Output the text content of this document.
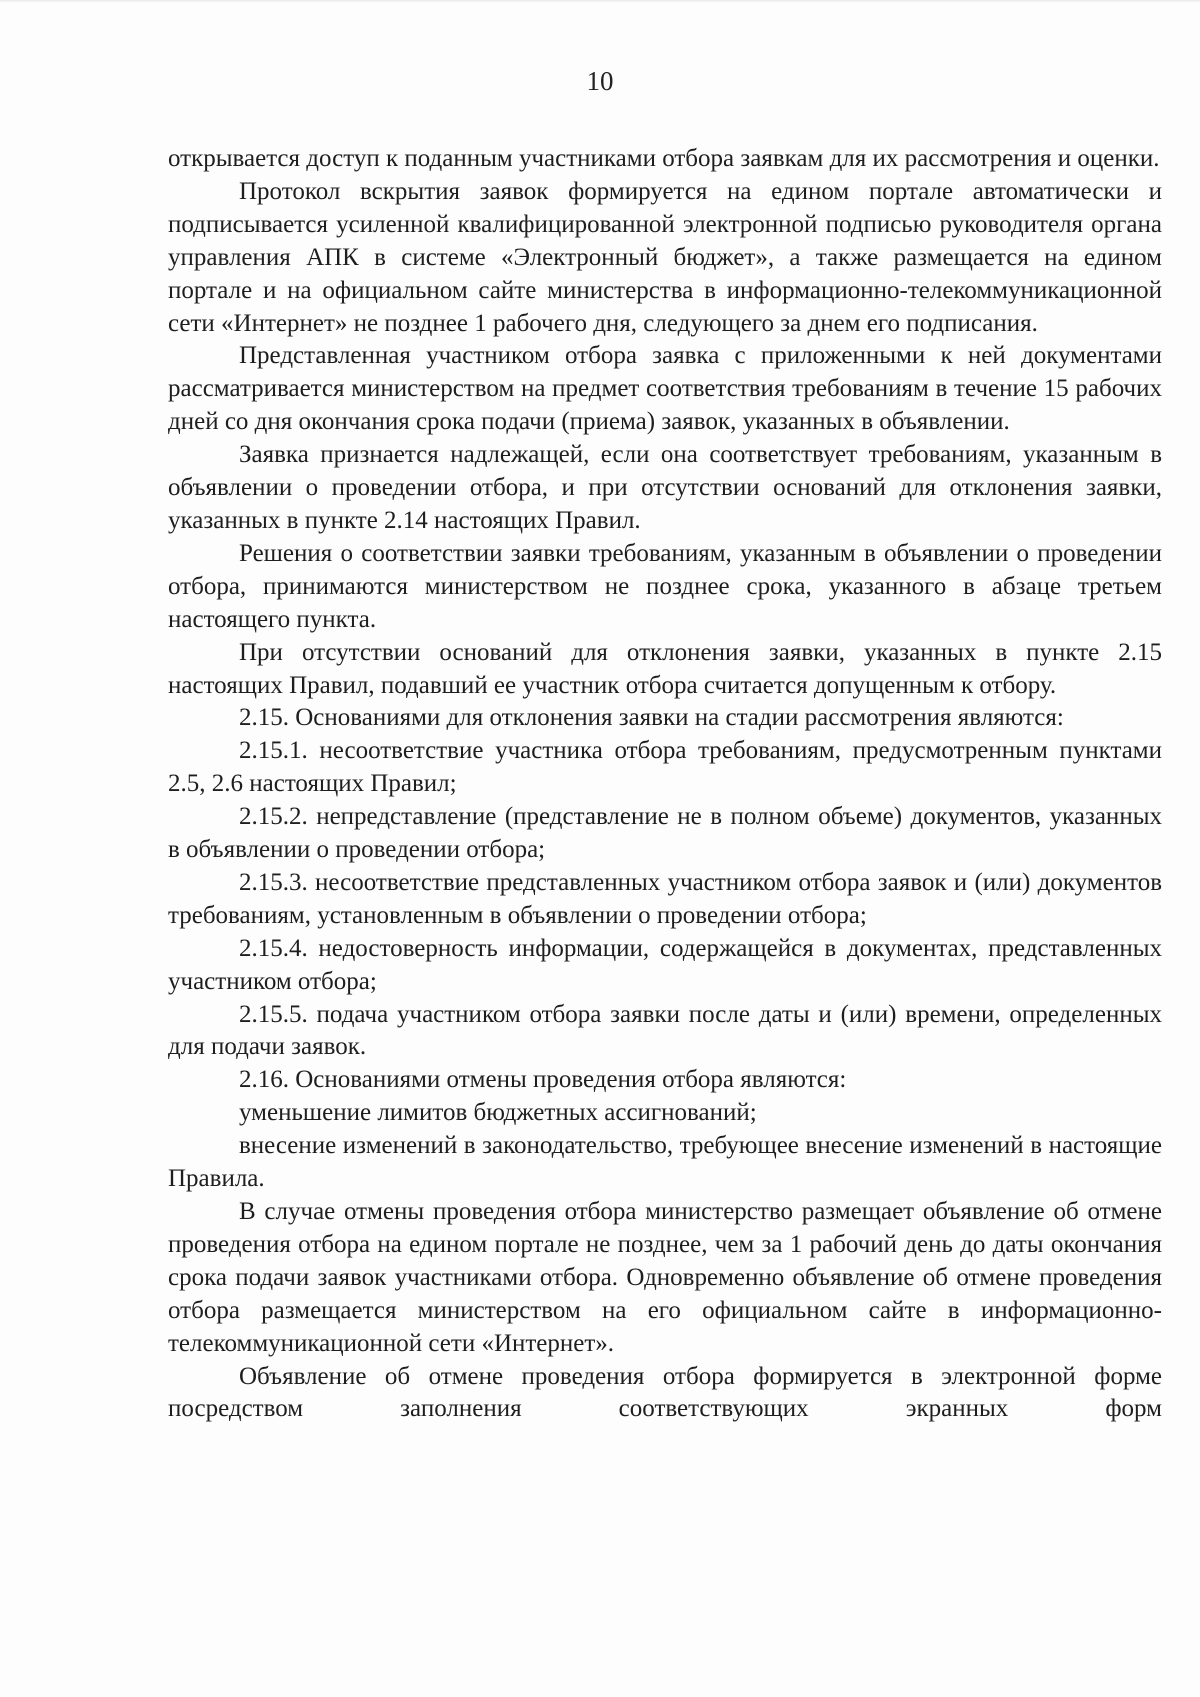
10

открывается доступ к поданным участниками отбора заявкам для их рассмотрения и оценки.

Протокол вскрытия заявок формируется на едином портале автоматически и подписывается усиленной квалифицированной электронной подписью руководителя органа управления АПК в системе «Электронный бюджет», а также размещается на едином портале и на официальном сайте министерства в информационно-телекоммуникационной сети «Интернет» не позднее 1 рабочего дня, следующего за днем его подписания.

Представленная участником отбора заявка с приложенными к ней документами рассматривается министерством на предмет соответствия требованиям в течение 15 рабочих дней со дня окончания срока подачи (приема) заявок, указанных в объявлении.

Заявка признается надлежащей, если она соответствует требованиям, указанным в объявлении о проведении отбора, и при отсутствии оснований для отклонения заявки, указанных в пункте 2.14 настоящих Правил.

Решения о соответствии заявки требованиям, указанным в объявлении о проведении отбора, принимаются министерством не позднее срока, указанного в абзаце третьем настоящего пункта.

При отсутствии оснований для отклонения заявки, указанных в пункте 2.15 настоящих Правил, подавший ее участник отбора считается допущенным к отбору.

2.15. Основаниями для отклонения заявки на стадии рассмотрения являются:

2.15.1. несоответствие участника отбора требованиям, предусмотренным пунктами 2.5, 2.6 настоящих Правил;

2.15.2. непредставление (представление не в полном объеме) документов, указанных в объявлении о проведении отбора;

2.15.3. несоответствие представленных участником отбора заявок и (или) документов требованиям, установленным в объявлении о проведении отбора;

2.15.4. недостоверность информации, содержащейся в документах, представленных участником отбора;

2.15.5. подача участником отбора заявки после даты и (или) времени, определенных для подачи заявок.

2.16. Основаниями отмены проведения отбора являются:

уменьшение лимитов бюджетных ассигнований;

внесение изменений в законодательство, требующее внесение изменений в настоящие Правила.

В случае отмены проведения отбора министерство размещает объявление об отмене проведения отбора на едином портале не позднее, чем за 1 рабочий день до даты окончания срока подачи заявок участниками отбора. Одновременно объявление об отмене проведения отбора размещается министерством на его официальном сайте в информационно-телекоммуникационной сети «Интернет».

Объявление об отмене проведения отбора формируется в электронной форме посредством заполнения соответствующих экранных форм
